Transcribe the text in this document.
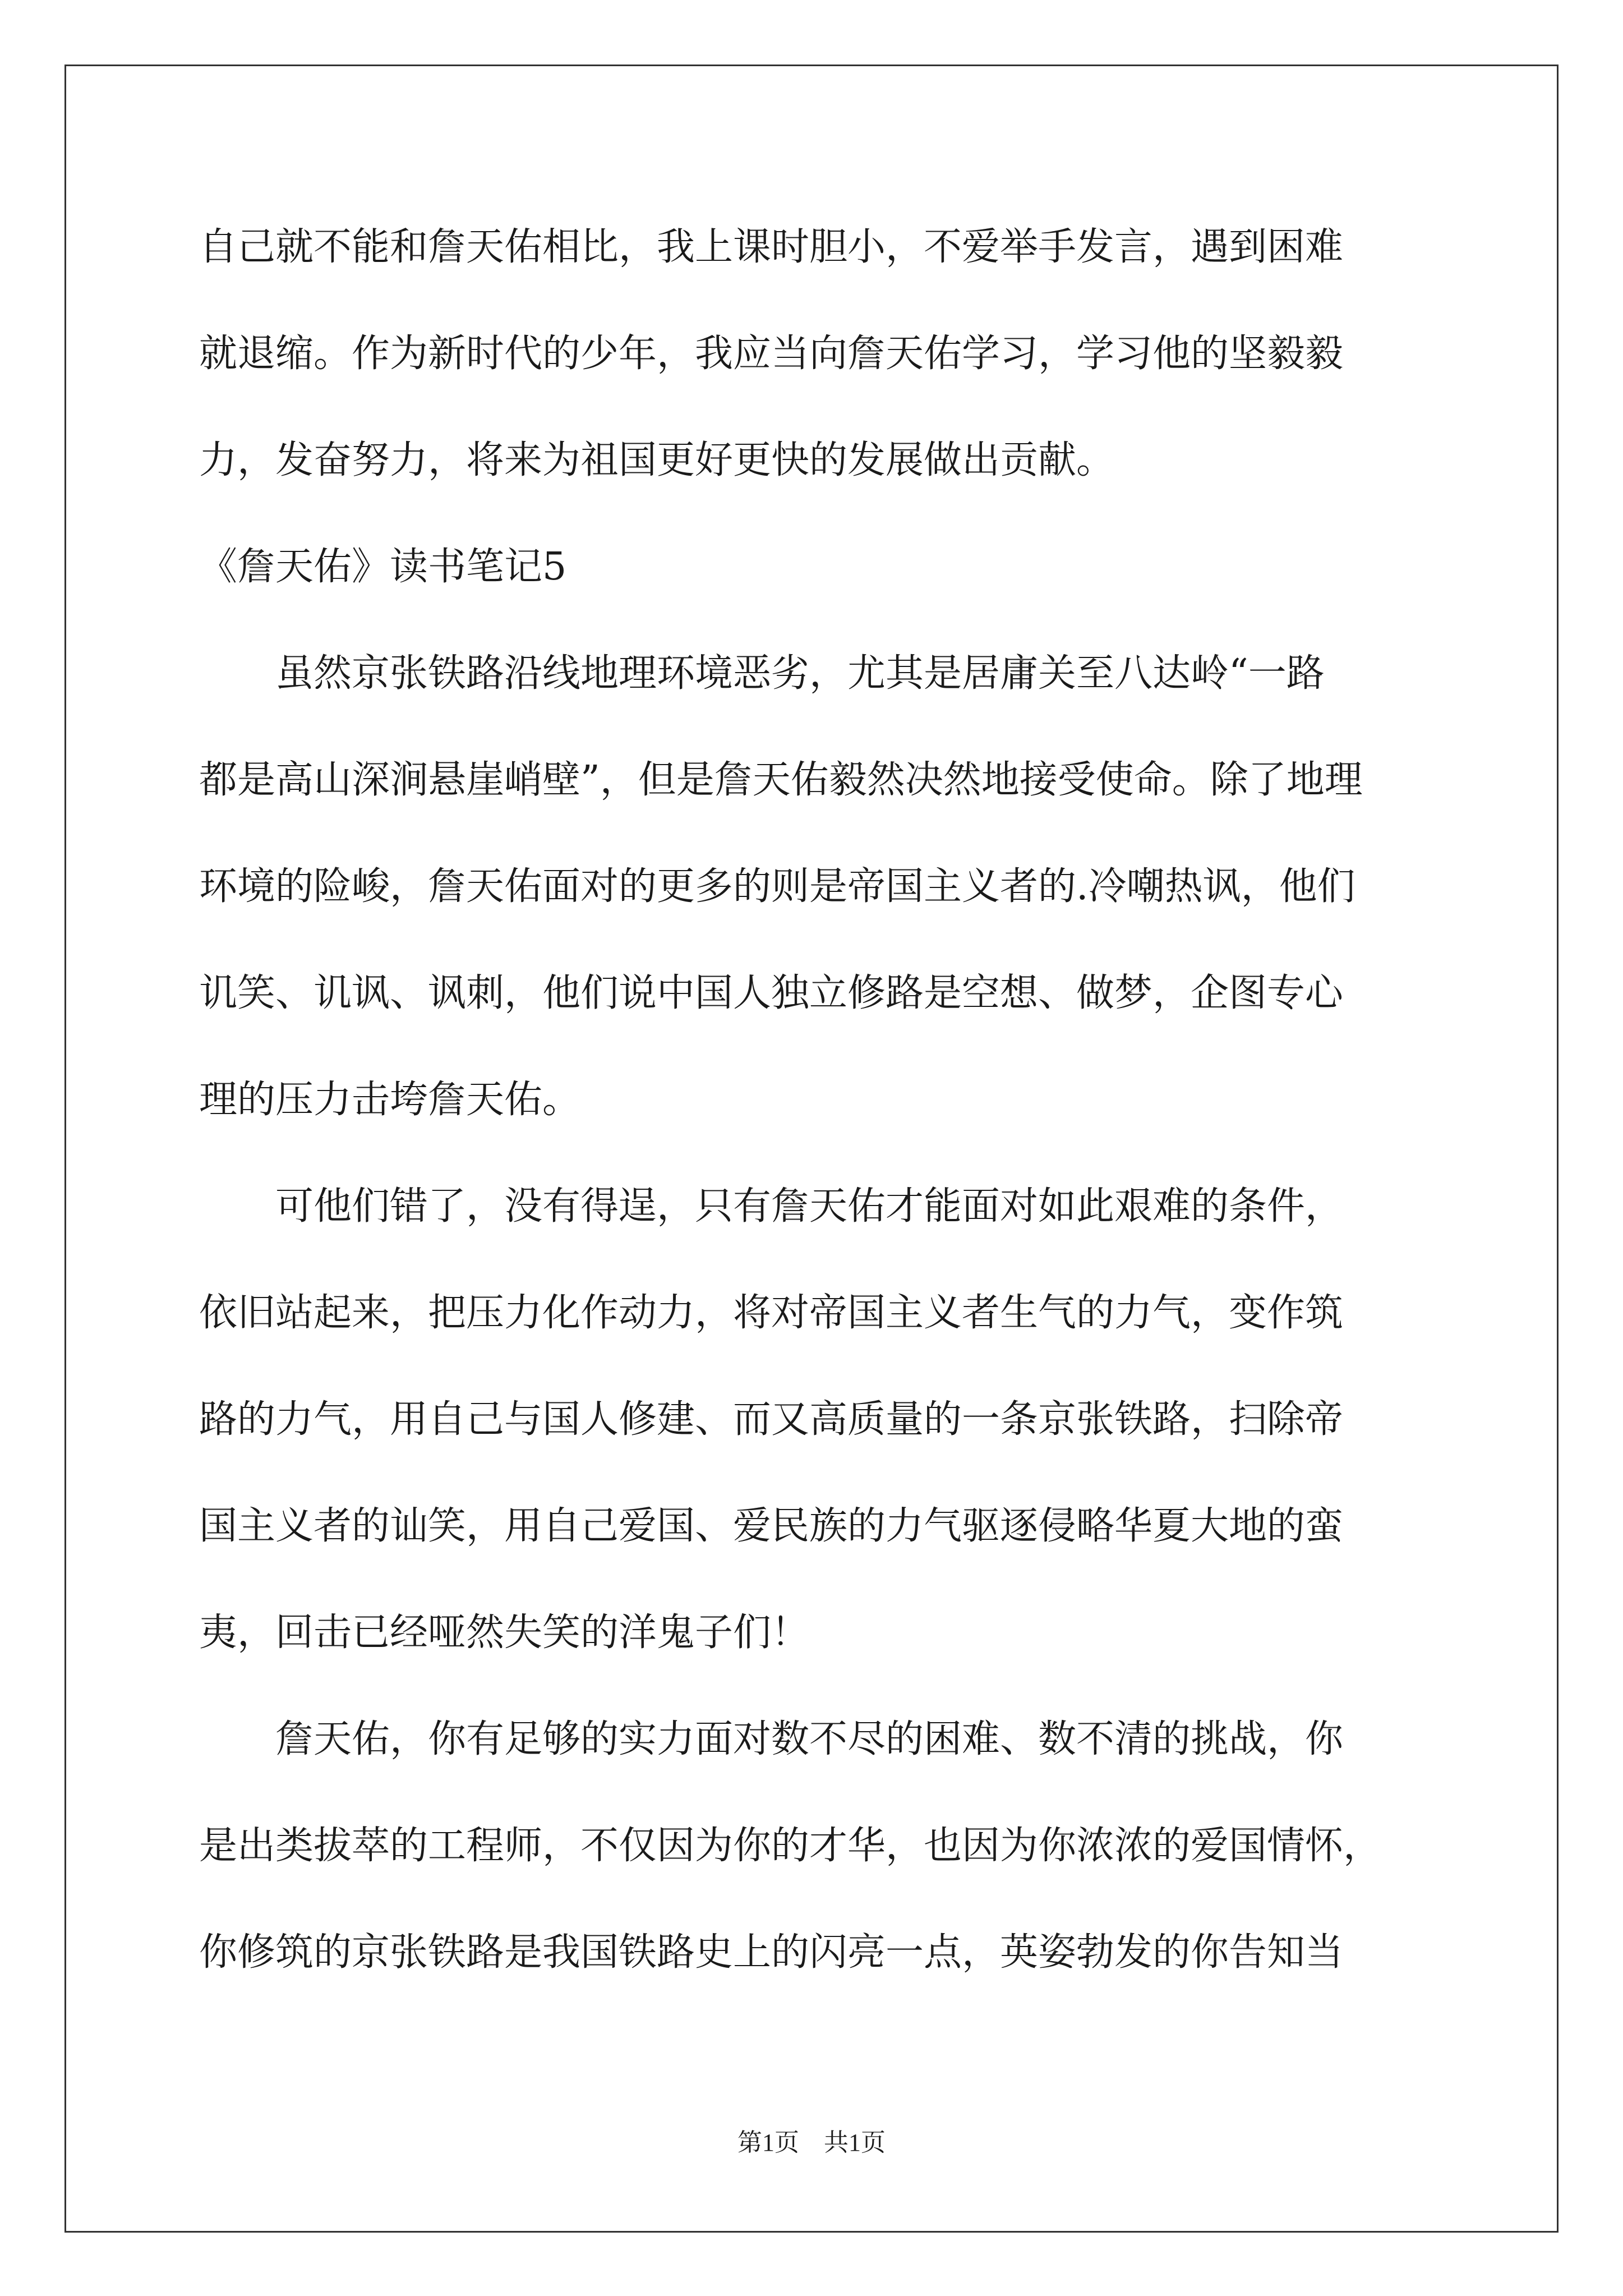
自己就不能和詹天佑相比，我上课时胆小，不爱举手发言，遇到困难
就退缩。作为新时代的少年，我应当向詹天佑学习，学习他的坚毅毅
力，发奋努力，将来为祖国更好更快的发展做出贡献。
《詹天佑》读书笔记5
　　虽然京张铁路沿线地理环境恶劣，尤其是居庸关至八达岭“一路
都是高山深涧悬崖峭壁”，但是詹天佑毅然决然地接受使命。除了地理
环境的险峻，詹天佑面对的更多的则是帝国主义者的.冷嘲热讽，他们
讥笑、讥讽、讽刺，他们说中国人独立修路是空想、做梦，企图专心
理的压力击垮詹天佑。
　　可他们错了，没有得逞，只有詹天佑才能面对如此艰难的条件，
依旧站起来，把压力化作动力，将对帝国主义者生气的力气，变作筑
路的力气，用自己与国人修建、而又高质量的一条京张铁路，扫除帝
国主义者的讪笑，用自己爱国、爱民族的力气驱逐侵略华夏大地的蛮
夷，回击已经哑然失笑的洋鬼子们！
　　詹天佑，你有足够的实力面对数不尽的困难、数不清的挑战，你
是出类拔萃的工程师，不仅因为你的才华，也因为你浓浓的爱国情怀，
你修筑的京张铁路是我国铁路史上的闪亮一点，英姿勃发的你告知当
第1页　共1页
